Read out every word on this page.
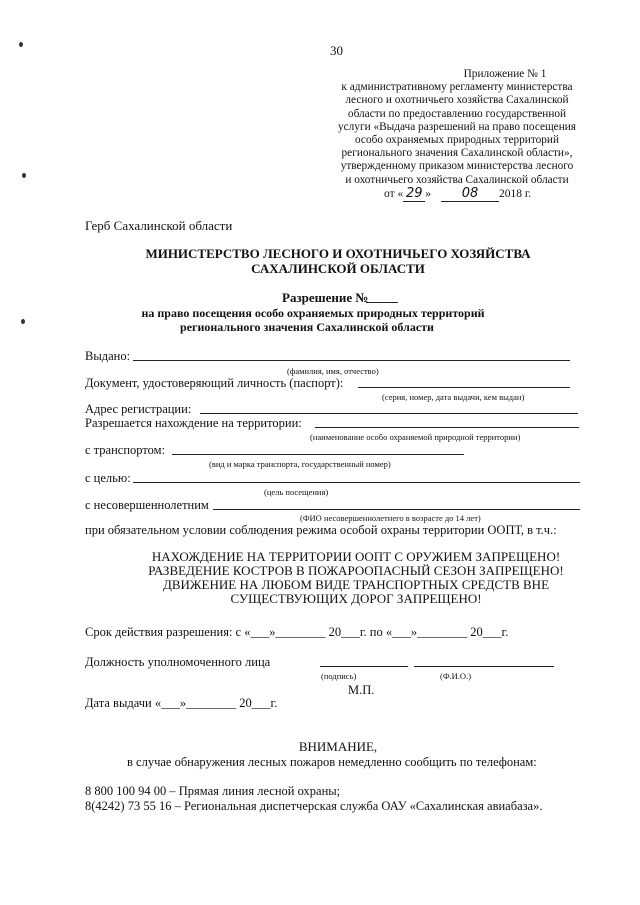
30
Приложение № 1
к административному регламенту министерства
лесного и охотничьего хозяйства Сахалинской
области по предоставлению государственной
услуги «Выдача разрешений на право посещения
особо охраняемых природных территорий
регионального значения Сахалинской области»,
утвержденному приказом министерства лесного
и охотничьего хозяйства Сахалинской области
от « 29 » 08 2018 г.
Герб Сахалинской области
МИНИСТЕРСТВО ЛЕСНОГО И ОХОТНИЧЬЕГО ХОЗЯЙСТВА
САХАЛИНСКОЙ ОБЛАСТИ
Разрешение №
на право посещения особо охраняемых природных территорий
регионального значения Сахалинской области
Выдано:
(фамилия, имя, отчество)
Документ, удостоверяющий личность (паспорт):
(серия, номер, дата выдачи, кем выдан)
Адрес регистрации:
Разрешается нахождение на территории:
(наименование особо охраняемой природной территории)
с транспортом:
(вид и марка транспорта, государственный номер)
с целью:
(цель посещения)
с несовершеннолетним
(ФИО несовершеннолетнего в возрасте до 14 лет)
при обязательном условии соблюдения режима особой охраны территории ООПТ, в т.ч.:
НАХОЖДЕНИЕ НА ТЕРРИТОРИИ ООПТ С ОРУЖИЕМ ЗАПРЕЩЕНО!
РАЗВЕДЕНИЕ КОСТРОВ В ПОЖАРООПАСНЫЙ СЕЗОН ЗАПРЕЩЕНО!
ДВИЖЕНИЕ НА ЛЮБОМ ВИДЕ ТРАНСПОРТНЫХ СРЕДСТВ ВНЕ
СУЩЕСТВУЮЩИХ ДОРОГ ЗАПРЕЩЕНО!
Срок действия разрешения: с «___»________ 20___г. по «___»________ 20___г.
Должность уполномоченного лица
(подпись)	(Ф.И.О.)
М.П.
Дата выдачи «___»________ 20___г.
ВНИМАНИЕ,
в случае обнаружения лесных пожаров немедленно сообщить по телефонам:
8 800 100 94 00 – Прямая линия лесной охраны;
8(4242) 73 55 16 – Региональная диспетчерская служба ОАУ «Сахалинская авиабаза».
